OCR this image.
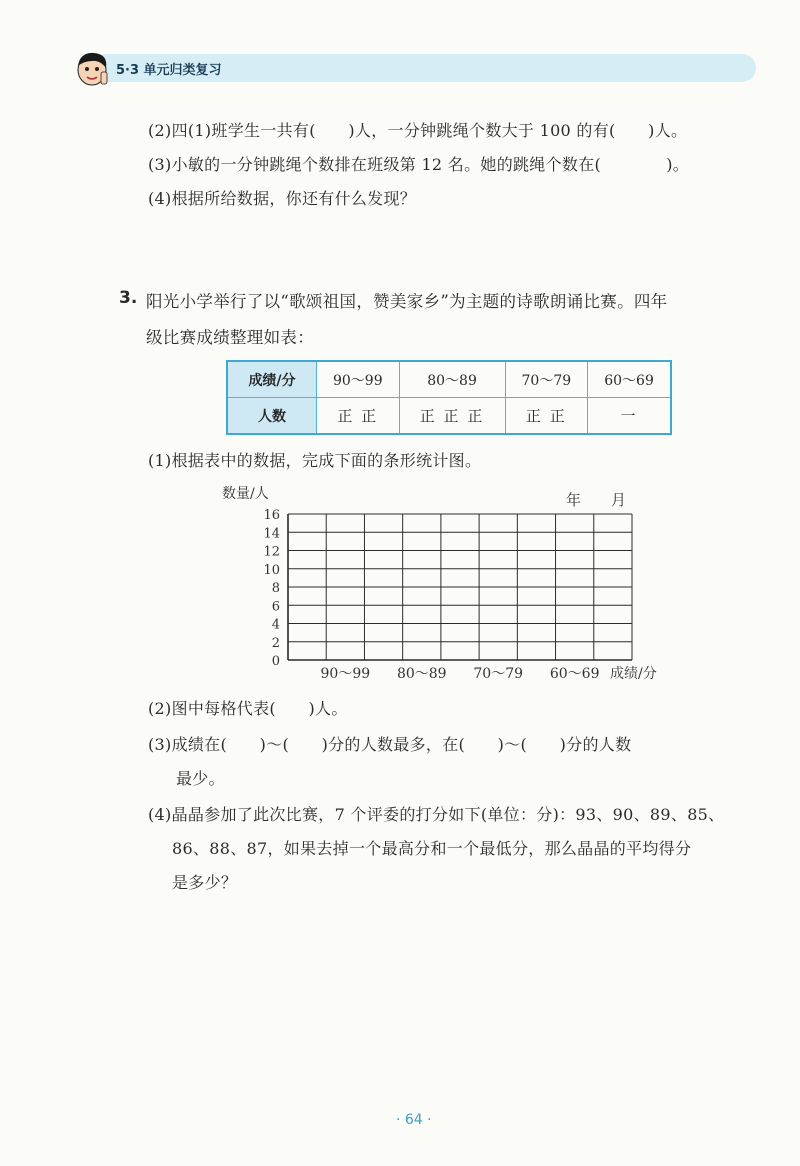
5·3 单元归类复习
(2)四(1)班学生一共有(　　)人，一分钟跳绳个数大于 100 的有(　　)人。
(3)小敏的一分钟跳绳个数排在班级第 12 名。她的跳绳个数在(　　　　)。
(4)根据所给数据，你还有什么发现？
3. 阳光小学举行了以“歌颂祖国，赞美家乡”为主题的诗歌朗诵比赛。四年
级比赛成绩整理如表：
成绩/分	90～99	80～89	70～79	60～69
人数	正 正	正 正 正	正 正	一
(1)根据表中的数据，完成下面的条形统计图。
数量/人	年　　月
16
14
12
10
8
6
4
2
0
90～99 80～89 70～79 60～69 成绩/分
(2)图中每格代表(　　)人。
(3)成绩在(　　)～(　　)分的人数最多，在(　　)～(　　)分的人数
最少。
(4)晶晶参加了此次比赛，7 个评委的打分如下(单位：分)：93、90、89、85、
86、88、87，如果去掉一个最高分和一个最低分，那么晶晶的平均得分
是多少？
· 64 ·
